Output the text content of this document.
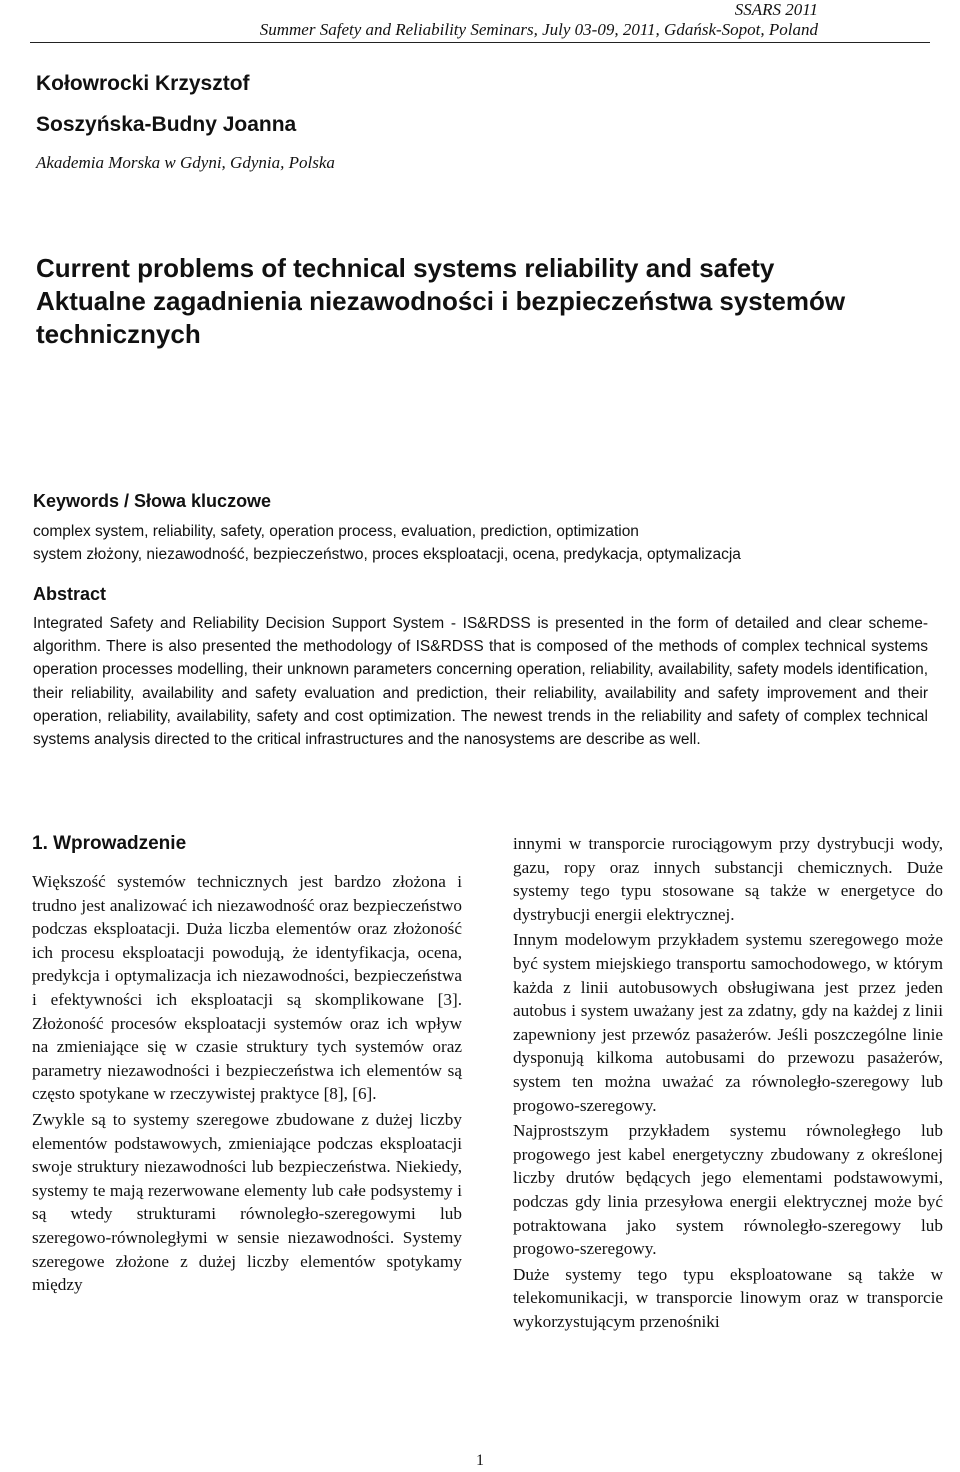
SSARS 2011
Summer Safety and Reliability Seminars, July 03-09, 2011, Gdańsk-Sopot, Poland
Kołowrocki Krzysztof
Soszyńska-Budny Joanna
Akademia Morska w Gdyni, Gdynia, Polska
Current problems of technical systems reliability and safety
Aktualne zagadnienia niezawodności i bezpieczeństwa systemów technicznych
Keywords / Słowa kluczowe

complex system, reliability, safety, operation process, evaluation, prediction, optimization

system złożony, niezawodność, bezpieczeństwo, proces eksploatacji, ocena, predykacja, optymalizacja

Abstract

Integrated Safety and Reliability Decision Support System - IS&RDSS is presented in the form of detailed and clear scheme-algorithm. There is also presented the methodology of IS&RDSS that is composed of the methods of complex technical systems operation processes modelling, their unknown parameters concerning operation, reliability, availability, safety models identification, their reliability, availability and safety evaluation and prediction, their reliability, availability and safety improvement and their operation, reliability, availability, safety and cost optimization. The newest trends in the reliability and safety of complex technical systems analysis directed to the critical infrastructures and the nanosystems are describe as well.

1. Wprowadzenie

Większość systemów technicznych jest bardzo złożona i trudno jest analizować ich niezawodność oraz bezpieczeństwo podczas eksploatacji. Duża liczba elementów oraz złożoność ich procesu eksploatacji powodują, że identyfikacja, ocena, predykcja i optymalizacja ich niezawodności, bezpieczeństwa i efektywności ich eksploatacji są skomplikowane [3]. Złożoność procesów eksploatacji systemów oraz ich wpływ na zmieniające się w czasie struktury tych systemów oraz parametry niezawodności i bezpieczeństwa ich elementów są często spotykane w rzeczywistej praktyce [8], [6].

Zwykle są to systemy szeregowe zbudowane z dużej liczby elementów podstawowych, zmieniające podczas eksploatacji swoje struktury niezawodności lub bezpieczeństwa. Niekiedy, systemy te mają rezerwowane elementy lub całe podsystemy i są wtedy strukturami równoległo-szeregowymi lub szeregowo-równoległymi w sensie niezawodności. Systemy szeregowe złożone z dużej liczby elementów spotykamy między

innymi w transporcie rurociągowym przy dystrybucji wody, gazu, ropy oraz innych substancji chemicznych. Duże systemy tego typu stosowane są także w energetyce do dystrybucji energii elektrycznej.

Innym modelowym przykładem systemu szeregowego może być system miejskiego transportu samochodowego, w którym każda z linii autobusowych obsługiwana jest przez jeden autobus i system uważany jest za zdatny, gdy na każdej z linii zapewniony jest przewóz pasażerów. Jeśli poszczególne linie dysponują kilkoma autobusami do przewozu pasażerów, system ten można uważać za równoległo-szeregowy lub progowo-szeregowy.

Najprostszym przykładem systemu równoległego lub progowego jest kabel energetyczny zbudowany z określonej liczby drutów będących jego elementami podstawowymi, podczas gdy linia przesyłowa energii elektrycznej może być potraktowana jako system równoległo-szeregowy lub progowo-szeregowy.

Duże systemy tego typu eksploatowane są także w telekomunikacji, w transporcie linowym oraz w transporcie wykorzystującym przenośniki

1
